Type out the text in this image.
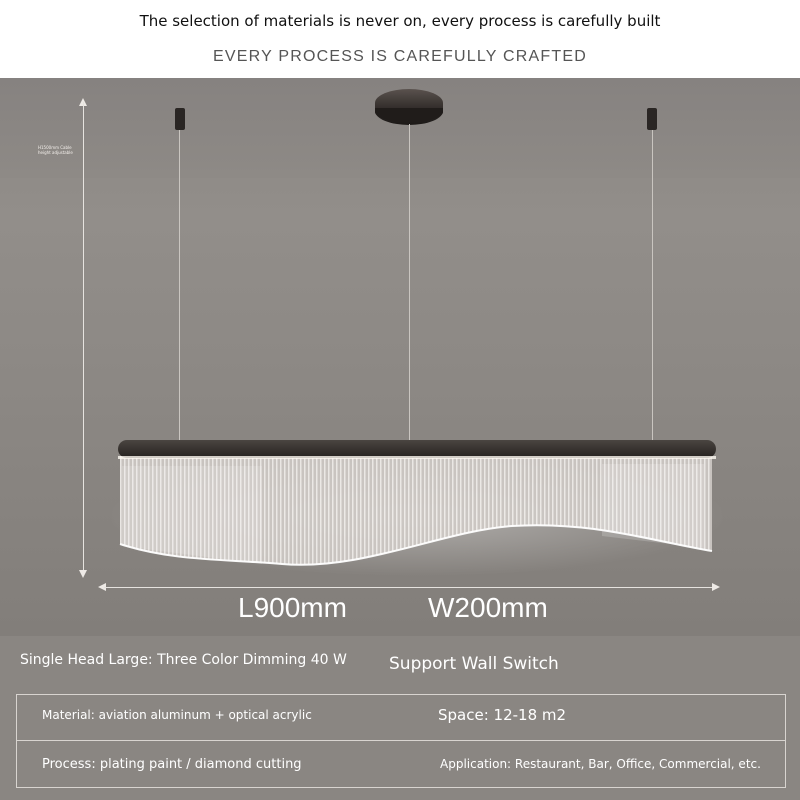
The selection of materials is never on, every process is carefully built
EVERY PROCESS IS CAREFULLY CRAFTED
H1500mm Cable height adjustable
L900mm	W200mm
Single Head Large: Three Color Dimming 40 W Support Wall Switch
Material: aviation aluminum + optical acrylic	Space: 12-18 m2
Process: plating paint / diamond cutting	Application: Restaurant, Bar, Office, Commercial, etc.
